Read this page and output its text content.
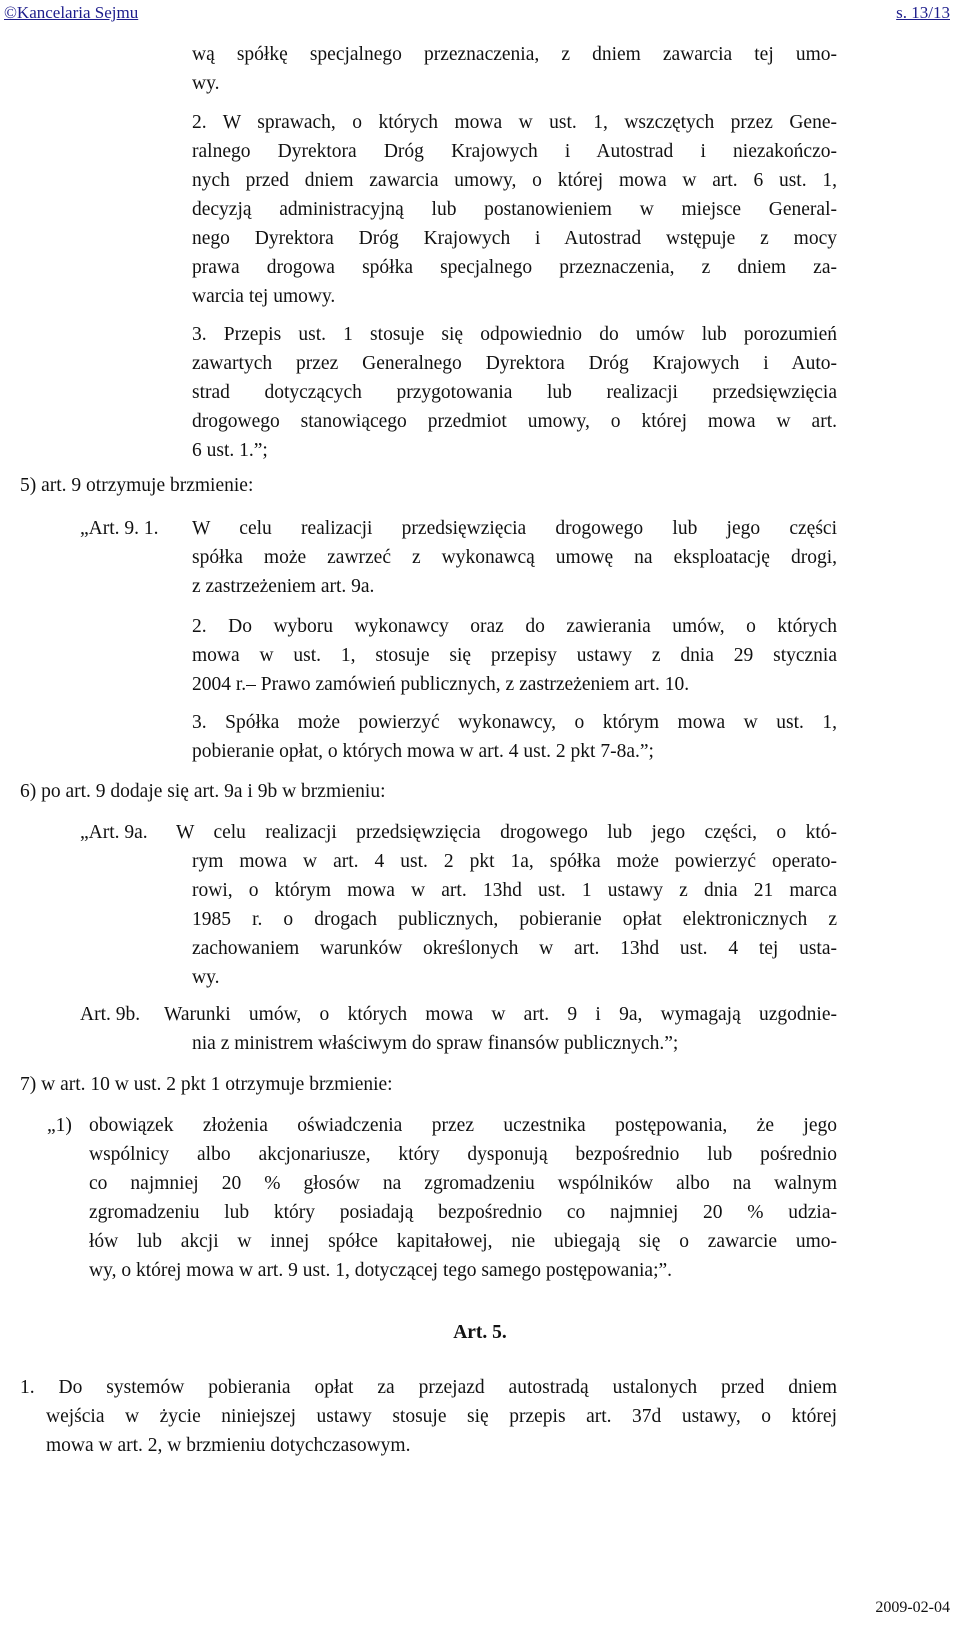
©Kancelaria Sejmu	s. 13/13
wą spółkę specjalnego przeznaczenia, z dniem zawarcia tej umo-
wy.
2. W sprawach, o których mowa w ust. 1, wszczętych przez Gene-
ralnego Dyrektora Dróg Krajowych i Autostrad i niezakończo-
nych przed dniem zawarcia umowy, o której mowa w art. 6 ust. 1,
decyzją administracyjną lub postanowieniem w miejsce General-
nego Dyrektora Dróg Krajowych i Autostrad wstępuje z mocy
prawa drogowa spółka specjalnego przeznaczenia, z dniem za-
warcia tej umowy.
3. Przepis ust. 1 stosuje się odpowiednio do umów lub porozumień
zawartych przez Generalnego Dyrektora Dróg Krajowych i Auto-
strad dotyczących przygotowania lub realizacji przedsięwzięcia
drogowego stanowiącego przedmiot umowy, o której mowa w art.
6 ust. 1.”;
5) art. 9 otrzymuje brzmienie:
„Art. 9. 1. W celu realizacji przedsięwzięcia drogowego lub jego części
spółka może zawrzeć z wykonawcą umowę na eksploatację drogi,
z zastrzeżeniem art. 9a.
2. Do wyboru wykonawcy oraz do zawierania umów, o których
mowa w ust. 1, stosuje się przepisy ustawy z dnia 29 stycznia
2004 r.– Prawo zamówień publicznych, z zastrzeżeniem art. 10.
3. Spółka może powierzyć wykonawcy, o którym mowa w ust. 1,
pobieranie opłat, o których mowa w art. 4 ust. 2 pkt 7-8a.”;
6) po art. 9 dodaje się art. 9a i 9b w brzmieniu:
„Art. 9a. W celu realizacji przedsięwzięcia drogowego lub jego części, o któ-
rym mowa w art. 4 ust. 2 pkt 1a, spółka może powierzyć operato-
rowi, o którym mowa w art. 13hd ust. 1 ustawy z dnia 21 marca
1985 r. o drogach publicznych, pobieranie opłat elektronicznych z
zachowaniem warunków określonych w art. 13hd ust. 4 tej usta-
wy.
Art. 9b. Warunki umów, o których mowa w art. 9 i 9a, wymagają uzgodnie-
nia z ministrem właściwym do spraw finansów publicznych.”;
7) w art. 10 w ust. 2 pkt 1 otrzymuje brzmienie:
„1) obowiązek złożenia oświadczenia przez uczestnika postępowania, że jego
wspólnicy albo akcjonariusze, który dysponują bezpośrednio lub pośrednio
co najmniej 20 % głosów na zgromadzeniu wspólników albo na walnym
zgromadzeniu lub który posiadają bezpośrednio co najmniej 20 % udzia-
łów lub akcji w innej spółce kapitałowej, nie ubiegają się o zawarcie umo-
wy, o której mowa w art. 9 ust. 1, dotyczącej tego samego postępowania;”.
Art. 5.
1. Do systemów pobierania opłat za przejazd autostradą ustalonych przed dniem
wejścia w życie niniejszej ustawy stosuje się przepis art. 37d ustawy, o której
mowa w art. 2, w brzmieniu dotychczasowym.
2009-02-04
